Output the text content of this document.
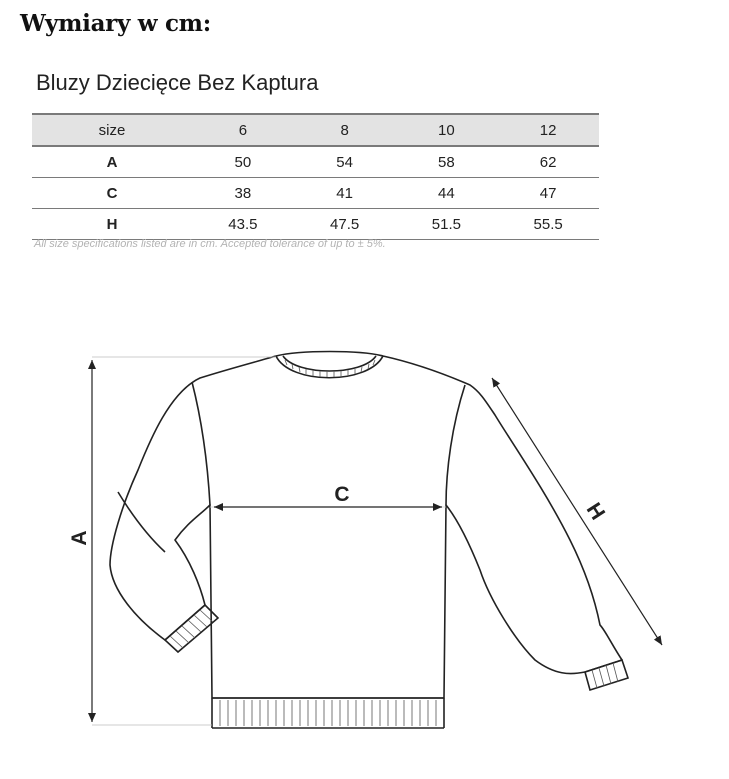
Wymiary w cm:
Bluzy Dziecięce Bez Kaptura
size	6	8	10	12
A	50	54	58	62
C	38	41	44	47
H	43.5	47.5	51.5	55.5
All size specifications listed are in cm. Accepted tolerance of up to ± 5%.
A
C
H
